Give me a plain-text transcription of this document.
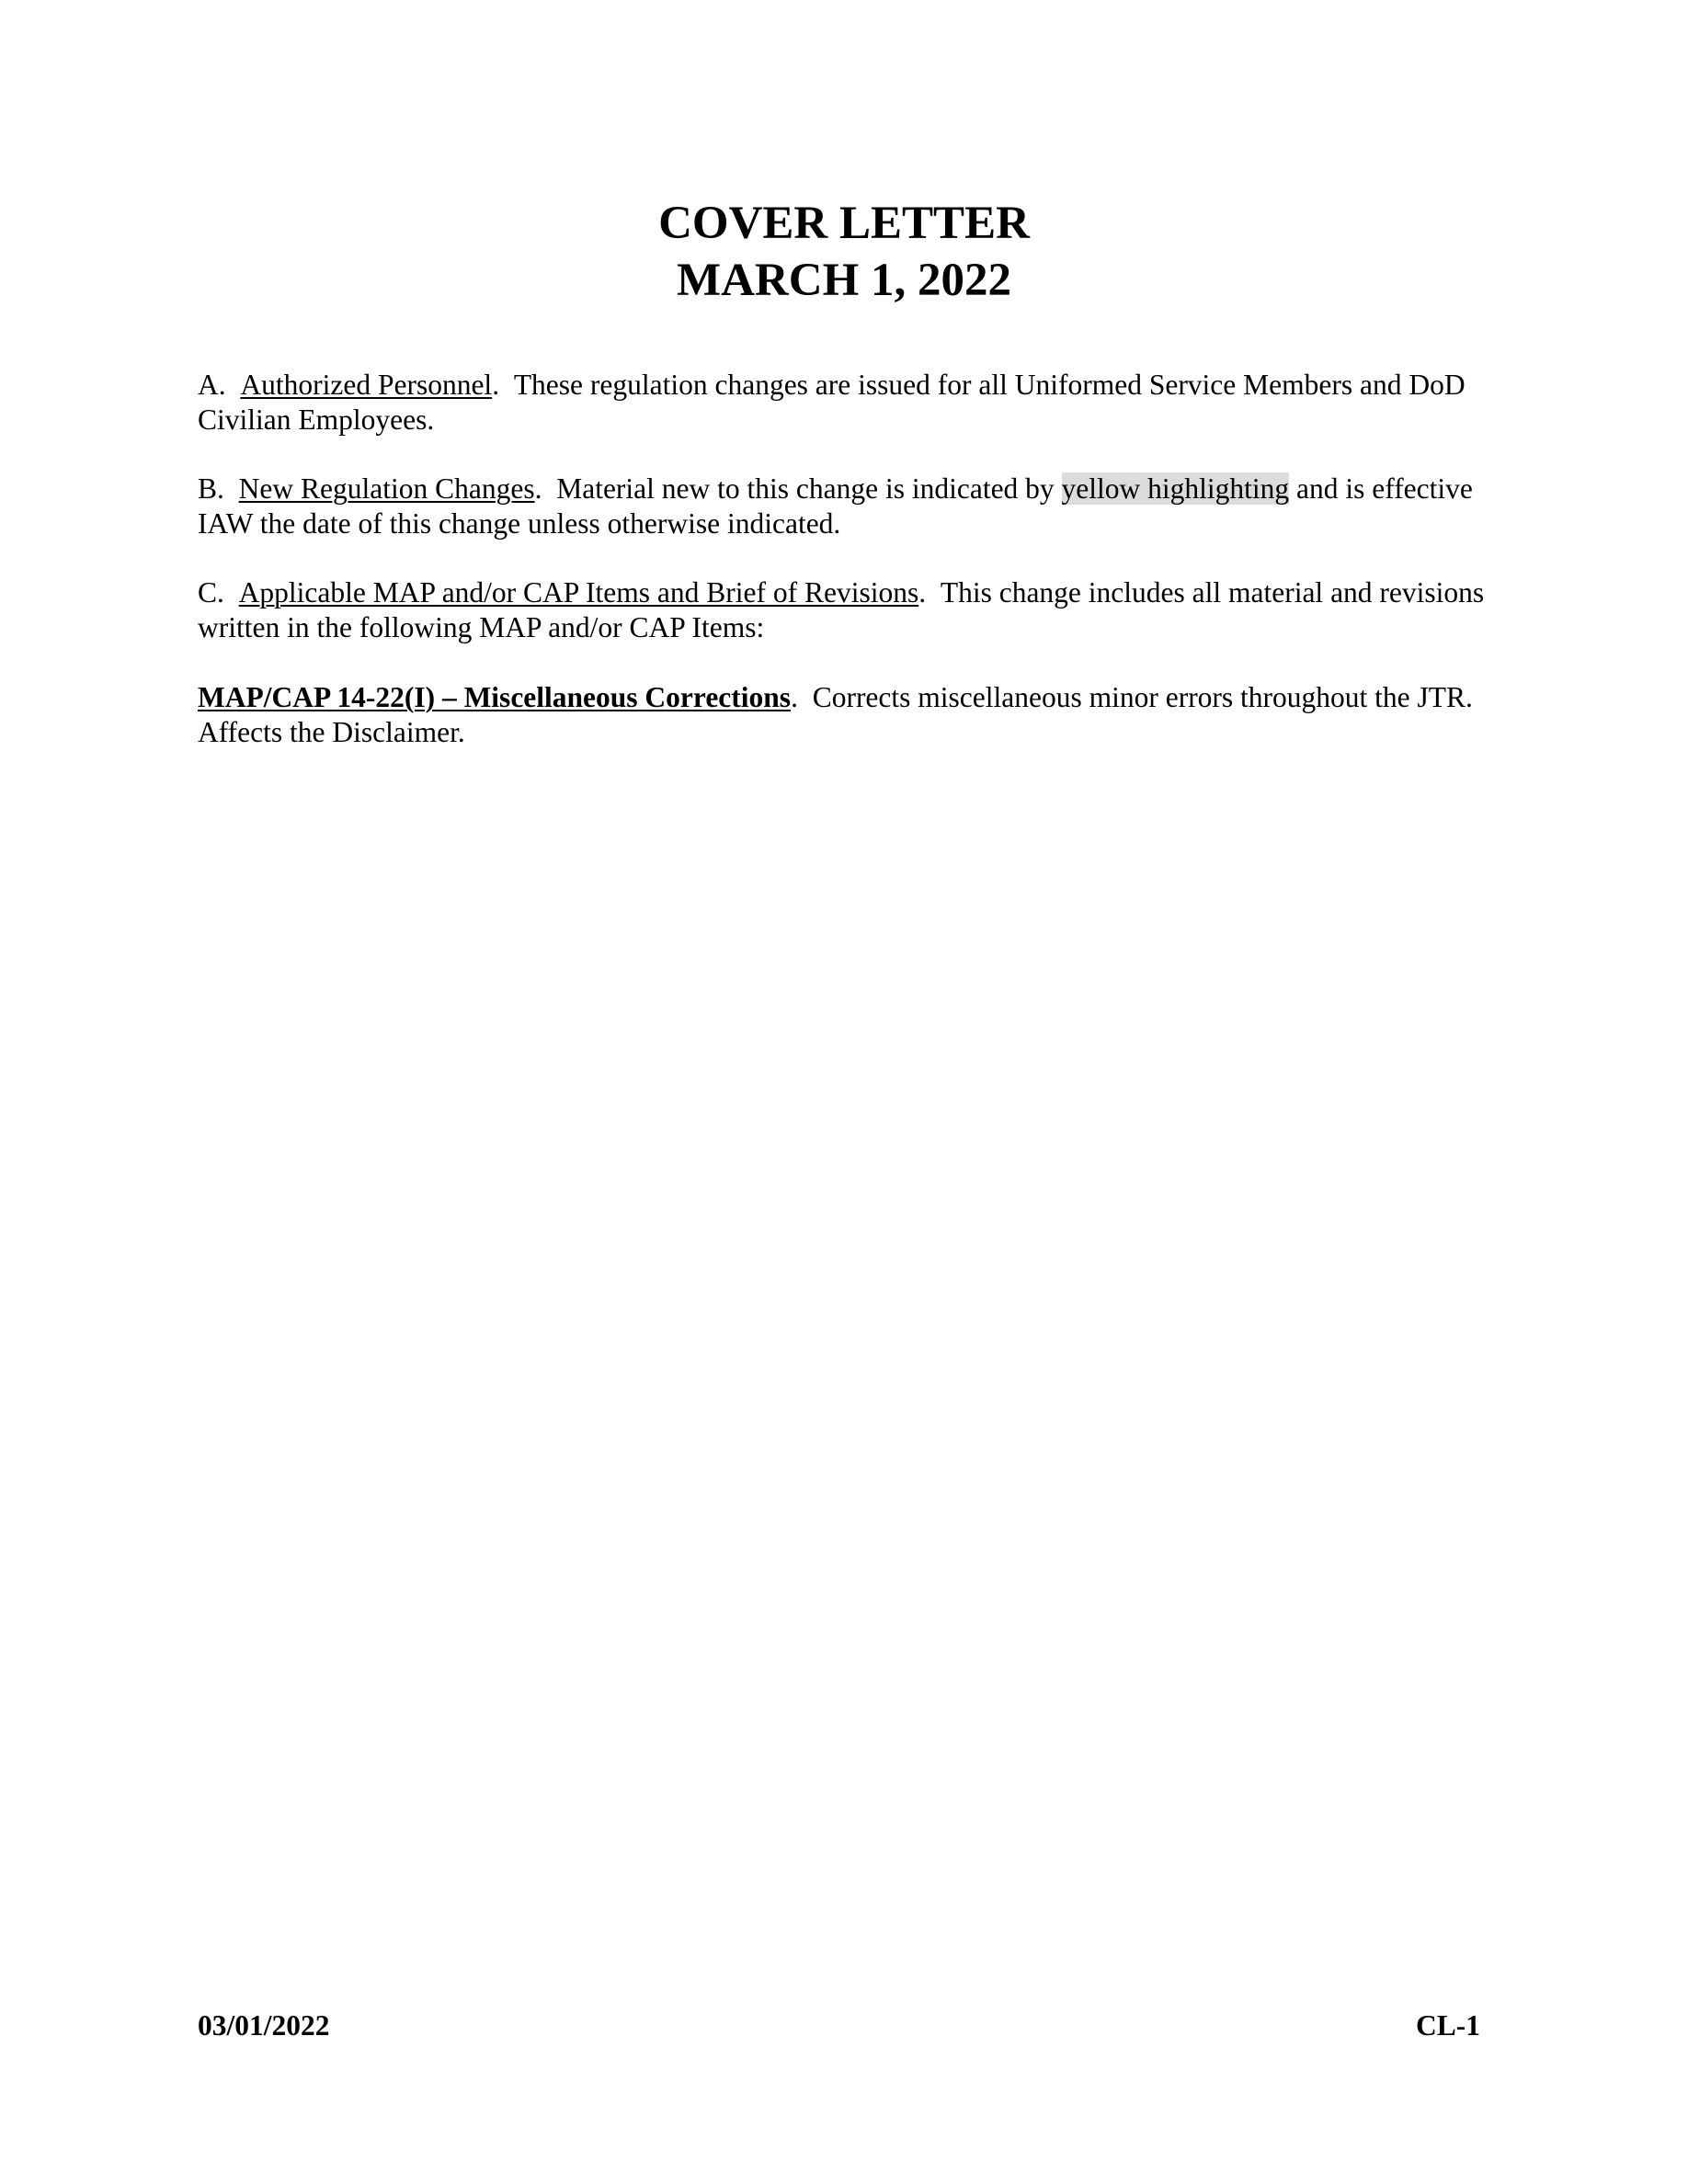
COVER LETTER
MARCH 1, 2022
A. Authorized Personnel.  These regulation changes are issued for all Uniformed Service Members and DoD Civilian Employees.
B. New Regulation Changes.  Material new to this change is indicated by yellow highlighting and is effective IAW the date of this change unless otherwise indicated.
C. Applicable MAP and/or CAP Items and Brief of Revisions.  This change includes all material and revisions written in the following MAP and/or CAP Items:
MAP/CAP 14-22(I) – Miscellaneous Corrections.  Corrects miscellaneous minor errors throughout the JTR.  Affects the Disclaimer.
03/01/2022	CL-1
